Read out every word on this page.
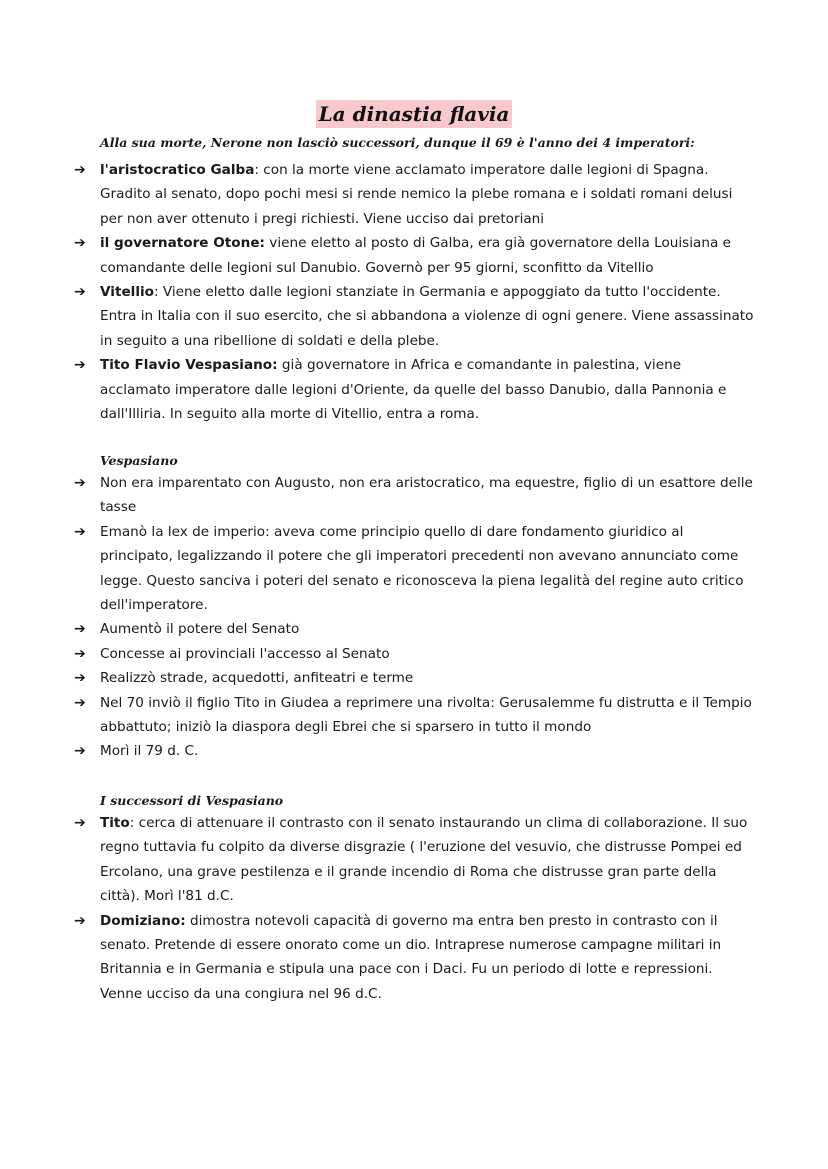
La dinastia flavia
Alla sua morte, Nerone non lasciò successori, dunque il 69 è l'anno dei 4 imperatori:
➔ l'aristocratico Galba: con la morte viene acclamato imperatore dalle legioni di Spagna. Gradito al senato, dopo pochi mesi si rende nemico la plebe romana e i soldati romani delusi per non aver ottenuto i pregi richiesti. Viene ucciso dai pretoriani
➔ il governatore Otone: viene eletto al posto di Galba, era già governatore della Louisiana e comandante delle legioni sul Danubio. Governò per 95 giorni, sconfitto da Vitellio
➔ Vitellio: Viene eletto dalle legioni stanziate in Germania e appoggiato da tutto l'occidente. Entra in Italia con il suo esercito, che si abbandona a violenze di ogni genere. Viene assassinato in seguito a una ribellione di soldati e della plebe.
➔ Tito Flavio Vespasiano: già governatore in Africa e comandante in palestina, viene acclamato imperatore dalle legioni d'Oriente, da quelle del basso Danubio, dalla Pannonia e dall'Illiria. In seguito alla morte di Vitellio, entra a roma.
Vespasiano
➔ Non era imparentato con Augusto, non era aristocratico, ma equestre, figlio di un esattore delle tasse
➔ Emanò la lex de imperio: aveva come principio quello di dare fondamento giuridico al principato, legalizzando il potere che gli imperatori precedenti non avevano annunciato come legge. Questo sanciva i poteri del senato e riconosceva la piena legalità del regine auto critico dell'imperatore.
➔ Aumentò il potere del Senato
➔ Concesse ai provinciali l'accesso al Senato
➔ Realizzò strade, acquedotti, anfiteatri e terme
➔ Nel 70 inviò il figlio Tito in Giudea a reprimere una rivolta: Gerusalemme fu distrutta e il Tempio abbattuto; iniziò la diaspora degli Ebrei che si sparsero in tutto il mondo
➔ Morì il 79 d. C.
I successori di Vespasiano
➔ Tito: cerca di attenuare il contrasto con il senato instaurando un clima di collaborazione. Il suo regno tuttavia fu colpito da diverse disgrazie ( l'eruzione del vesuvio, che distrusse Pompei ed Ercolano, una grave pestilenza e il grande incendio di Roma che distrusse gran parte della città). Morì l'81 d.C.
➔ Domiziano: dimostra notevoli capacità di governo ma entra ben presto in contrasto con il senato. Pretende di essere onorato come un dio. Intraprese numerose campagne militari in Britannia e in Germania e stipula una pace con i Daci. Fu un periodo di lotte e repressioni. Venne ucciso da una congiura nel 96 d.C.
